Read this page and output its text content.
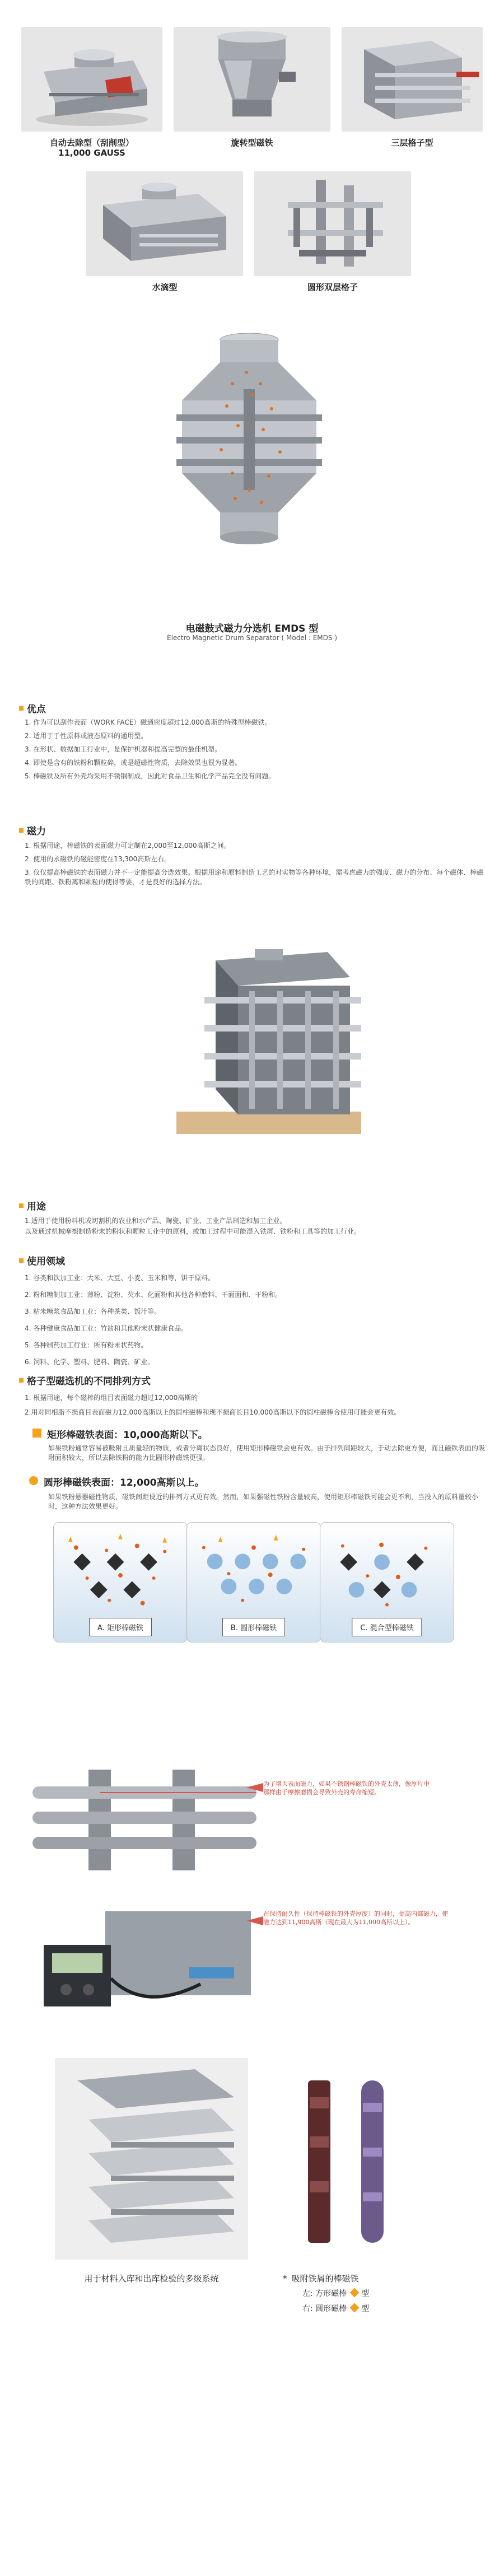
自动去除型（刮削型）
11,000 GAUSS
旋转型磁铁	三层格子型
水滴型	圆形双层格子
电磁鼓式磁力分选机 EMDS 型
Electro Magnetic Drum Separator ( Model : EMDS )
优点
1. 作为可以刮作表面（WORK FACE）磁通密度超过12,000高斯的特殊型棒磁铁。
2. 适用于于性原料或液态原料的通用型。
3. 在形状、数据加工行业中，是保护机器和提高完整的最佳机型。
4. 即使是含有的铁粉和颗粒碎，或是超磁性物质，去除效果也很为显著。
5. 棒磁铁及所有外壳均采用不锈钢制成，因此对食品卫生和化学产品完全没有问题。
磁力
1. 根据用途，棒磁铁的表面磁力可定制在2,000至12,000高斯之间。
2. 使用的永磁铁的磁能密度在13,300高斯左右。
3. 仅仅提高棒磁铁的表面磁力并不一定能提高分选效果。根据用途和原料制造工艺的对实物等各种环境，需考虑磁力的强度、磁力的分布、每个磁体、棒磁铁的间距、铁粉离和颗粒的使得等要，才是良好的选择方法。
用途
1.适用于使用粉料机或切割机的农业和水产品、陶瓷、矿业、工业产品制造和加工企业。
以及通过机械摩擦制造粉末的粉状和颗粒工业中的原料，或加工过程中可能混入铁屑、铁粉和工具等的加工行业。
使用领域
1. 谷类和饮加工业：大米、大豆、小麦、玉米和等，饼干原料。
2. 粉和糖制加工业：薄粉、淀粉、芡水、化面粉和其他各种磨料、干面面和、干粉和。
3. 粘米糖浆食品加工业：各种茶类、饭汁等。
4. 各种健康食品加工业：竹盐和其他粉末状健康食品。
5. 各种制药加工行业：所有粉末状药物。
6. 饲料、化学、塑料、肥料、陶瓷、矿业。
格子型磁选机的不同排列方式
1. 根据用途，每个磁棒的组目表面磁力超过12,000高斯的
2.用对同相脂不损商目表面磁力12,000高斯以上的圆柱磁棒和现不损商长目10,000高斯以下的圆柱磁棒合使用可能会更有效。
矩形棒磁铁表面：10,000高斯以下。
如果铁粉通常容易被吸附且质量轻的物质，或者分离状态良好，使用矩形棒磁铁会更有效。由于排列间距较大，于动去除更方便，而且磁铁表面的吸附面积较大，所以去除铁粉的能力比圆形棒磁铁更强。
圆形棒磁铁表面：12,000高斯以上。
如果铁粉悬器磁性物质，磁铁间距设近的排列方式更有效。然而，如果强磁性铁粉含量较高，使用矩形棒磁铁可能会更不利，当投入的原料量较小时，这种方法效果更好。
A. 矩形棒磁铁	B. 圆形棒磁铁	C. 混合型棒磁铁
为了增大表面磁力，如果不锈钢棒磁铁的外壳太薄，像厚片中那样由于摩擦磨损会导致外壳的寿命缩短。
在保持耐久性（保持棒磁铁的外壳厚度）的同时，提高内部磁力，使磁力达到11,900高斯（现在最大为11,000高斯以上）。
用于材料入库和出库检验的多级系统	* 吸附铁屑的棒磁铁
左: 方形磁棒 型
右: 圆形磁棒 型
